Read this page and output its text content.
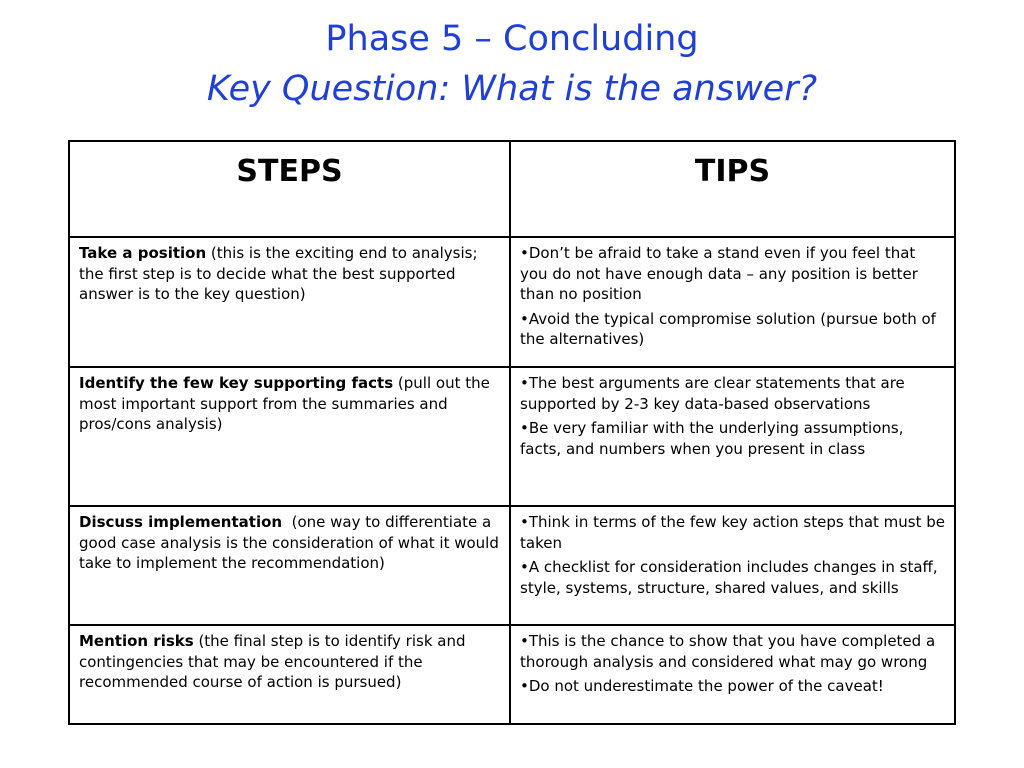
Phase 5 – Concluding
Key Question: What is the answer?
STEPS	TIPS
Take a position (this is the exciting end to analysis; the first step is to decide what the best supported answer is to the key question)	•Don’t be afraid to take a stand even if you feel that you do not have enough data – any position is better than no position
•Avoid the typical compromise solution (pursue both of the alternatives)

Identify the few key supporting facts (pull out the most important support from the summaries and pros/cons analysis)	•The best arguments are clear statements that are supported by 2-3 key data-based observations
•Be very familiar with the underlying assumptions, facts, and numbers when you present in class

Discuss implementation  (one way to differentiate a good case analysis is the consideration of what it would take to implement the recommendation)	•Think in terms of the few key action steps that must be taken
•A checklist for consideration includes changes in staff, style, systems, structure, shared values, and skills

Mention risks (the final step is to identify risk and contingencies that may be encountered if the recommended course of action is pursued)	•This is the chance to show that you have completed a thorough analysis and considered what may go wrong
•Do not underestimate the power of the caveat!
